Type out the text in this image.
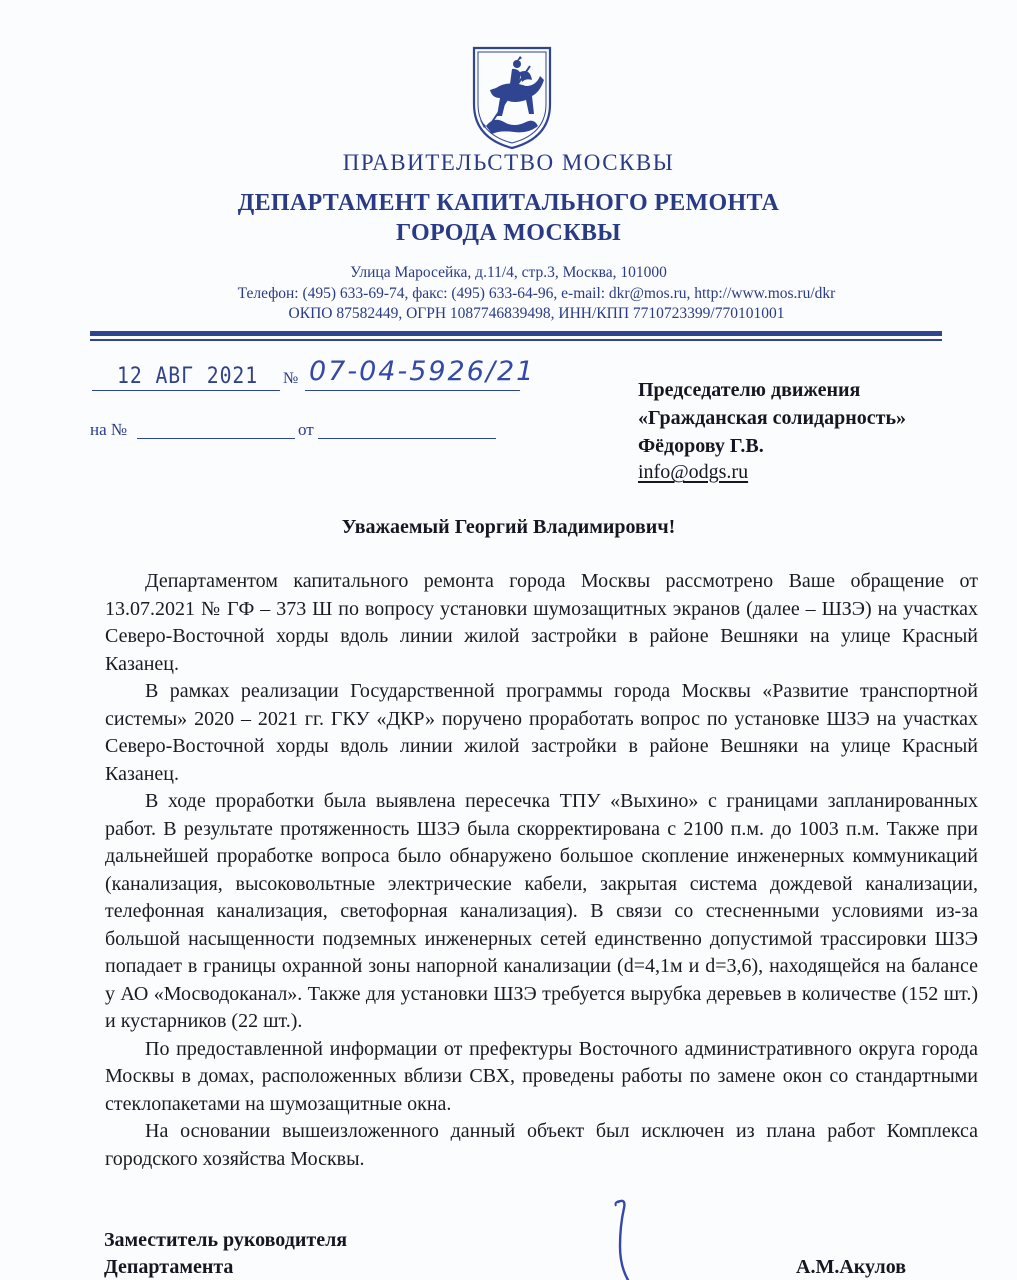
ПРАВИТЕЛЬСТВО МОСКВЫ
ДЕПАРТАМЕНТ КАПИТАЛЬНОГО РЕМОНТА
ГОРОДА МОСКВЫ
Улица Маросейка, д.11/4, стр.3, Москва, 101000
Телефон: (495) 633-69-74, факс: (495) 633-64-96, e-mail: dkr@mos.ru, http://www.mos.ru/dkr
ОКПО 87582449, ОГРН 1087746839498, ИНН/КПП 7710723399/770101001
12 АВГ 2021 № 07-04-5926/21
на №	от
Председателю движения
«Гражданская солидарность»
Фёдорову Г.В.
info@odgs.ru
Уважаемый Георгий Владимирович!

Департаментом капитального ремонта города Москвы рассмотрено Ваше обращение от 13.07.2021 № ГФ – 373 Ш по вопросу установки шумозащитных экранов (далее – ШЗЭ) на участках Северо-Восточной хорды вдоль линии жилой застройки в районе Вешняки на улице Красный Казанец.

В рамках реализации Государственной программы города Москвы «Развитие транспортной системы» 2020 – 2021 гг. ГКУ «ДКР» поручено проработать вопрос по установке ШЗЭ на участках Северо-Восточной хорды вдоль линии жилой застройки в районе Вешняки на улице Красный Казанец.

В ходе проработки была выявлена пересечка ТПУ «Выхино» с границами запланированных работ. В результате протяженность ШЗЭ была скорректирована с 2100 п.м. до 1003 п.м. Также при дальнейшей проработке вопроса было обнаружено большое скопление инженерных коммуникаций (канализация, высоковольтные электрические кабели, закрытая система дождевой канализации, телефонная канализация, светофорная канализация). В связи со стесненными условиями из-за большой насыщенности подземных инженерных сетей единственно допустимой трассировки ШЗЭ попадает в границы охранной зоны напорной канализации (d=4,1м и d=3,6), находящейся на балансе у АО «Мосводоканал». Также для установки ШЗЭ требуется вырубка деревьев в количестве (152 шт.) и кустарников (22 шт.).

По предоставленной информации от префектуры Восточного административного округа города Москвы в домах, расположенных вблизи СВХ, проведены работы по замене окон со стандартными стеклопакетами на шумозащитные окна.

На основании вышеизложенного данный объект был исключен из плана работ Комплекса городского хозяйства Москвы.

Заместитель руководителя
Департамента	А.М.Акулов
